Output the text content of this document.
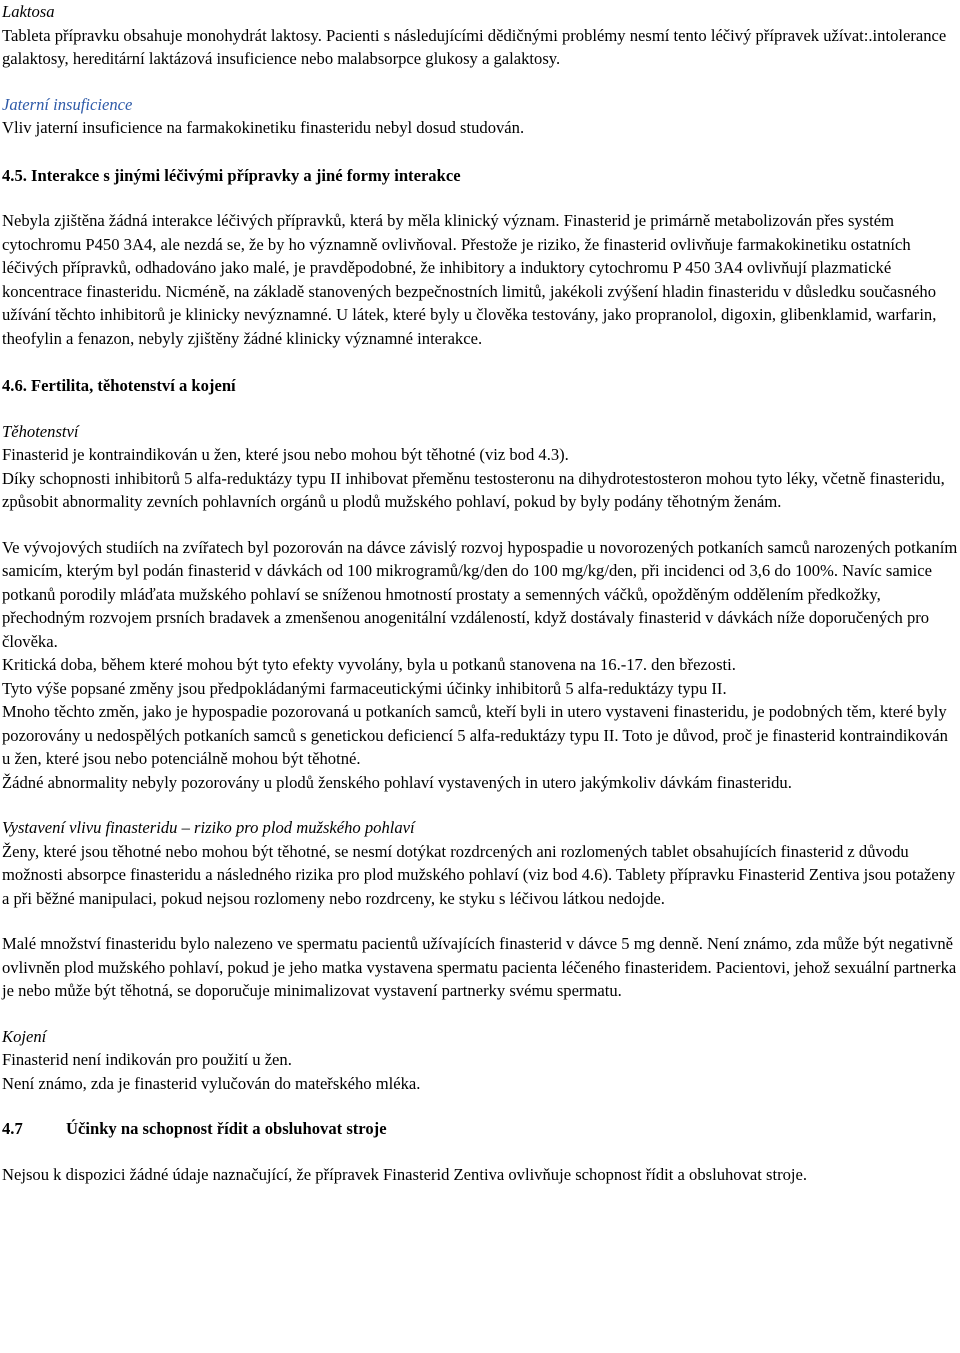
Laktosa
Tableta přípravku obsahuje monohydrát laktosy. Pacienti s následujícími dědičnými problémy nesmí tento léčivý přípravek užívat:.intolerance galaktosy, hereditární laktázová insuficience nebo malabsorpce glukosy a galaktosy.
Jaterní insuficience
Vliv jaterní insuficience na farmakokinetiku finasteridu nebyl dosud studován.
4.5. Interakce s jinými léčivými přípravky a jiné formy interakce
Nebyla zjištěna žádná interakce léčivých přípravků, která by měla klinický význam. Finasterid je primárně metabolizován přes systém cytochromu P450 3A4, ale nezdá se, že by ho významně ovlivňoval. Přestože je riziko, že finasterid ovlivňuje farmakokinetiku ostatních léčivých přípravků, odhadováno jako malé, je pravděpodobné, že inhibitory a induktory cytochromu P 450 3A4 ovlivňují plazmatické koncentrace finasteridu. Nicméně, na základě stanovených bezpečnostních limitů, jakékoli zvýšení hladin finasteridu v důsledku současného užívání těchto inhibitorů je klinicky nevýznamné. U látek, které byly u člověka testovány, jako propranolol, digoxin, glibenklamid, warfarin, theofylin a fenazon, nebyly zjištěny žádné klinicky významné interakce.
4.6. Fertilita, těhotenství a kojení
Těhotenství
Finasterid je kontraindikován u žen, které jsou nebo mohou být těhotné (viz bod 4.3).
Díky schopnosti inhibitorů 5 alfa-reduktázy typu II inhibovat přeměnu testosteronu na dihydrotestosteron mohou tyto léky, včetně finasteridu, způsobit abnormality zevních pohlavních orgánů u plodů mužského pohlaví, pokud by byly podány těhotným ženám.
Ve vývojových studiích na zvířatech byl pozorován na dávce závislý rozvoj hypospadie u novorozených potkaních samců narozených potkaním samicím, kterým byl podán finasterid v dávkách od 100 mikrogramů/kg/den do 100 mg/kg/den, při incidenci od 3,6 do 100%. Navíc samice potkanů porodily mláďata mužského pohlaví se sníženou hmotností prostaty a semenných váčků, opožděným oddělením předkožky, přechodným rozvojem prsních bradavek a zmenšenou anogenitální vzdáleností, když dostávaly finasterid v dávkách níže doporučených pro člověka.
Kritická doba, během které mohou být tyto efekty vyvolány, byla u potkanů stanovena na 16.-17. den březosti.
Tyto výše popsané změny jsou předpokládanými farmaceutickými účinky inhibitorů 5 alfa-reduktázy typu II.
Mnoho těchto změn, jako je hypospadie pozorovaná u potkaních samců, kteří byli in utero vystaveni finasteridu, je podobných těm, které byly pozorovány u nedospělých potkaních samců s genetickou deficiencí 5 alfa-reduktázy typu II. Toto je důvod, proč je finasterid kontraindikován u žen, které jsou nebo potenciálně mohou být těhotné.
Žádné abnormality nebyly pozorovány u plodů ženského pohlaví vystavených in utero jakýmkoliv dávkám finasteridu.
Vystavení vlivu finasteridu – riziko pro plod mužského pohlaví
Ženy, které jsou těhotné nebo mohou být těhotné, se nesmí dotýkat rozdrcených ani rozlomených tablet obsahujících finasterid z důvodu možnosti absorpce finasteridu a následného rizika pro plod mužského pohlaví (viz bod 4.6). Tablety přípravku Finasterid Zentiva jsou potaženy a při běžné manipulaci, pokud nejsou rozlomeny nebo rozdrceny, ke styku s léčivou látkou nedojde.
Malé množství finasteridu bylo nalezeno ve spermatu pacientů užívajících finasterid v dávce 5 mg denně. Není známo, zda může být negativně ovlivněn plod mužského pohlaví, pokud je jeho matka vystavena spermatu pacienta léčeného finasteridem. Pacientovi, jehož sexuální partnerka je nebo může být těhotná, se doporučuje minimalizovat vystavení partnerky svému spermatu.
Kojení
Finasterid není indikován pro použití u žen.
Není známo, zda je finasterid vylučován do mateřského mléka.
4.7	Účinky na schopnost řídit a obsluhovat stroje
Nejsou k dispozici žádné údaje naznačující, že přípravek Finasterid Zentiva ovlivňuje schopnost řídit a obsluhovat stroje.
